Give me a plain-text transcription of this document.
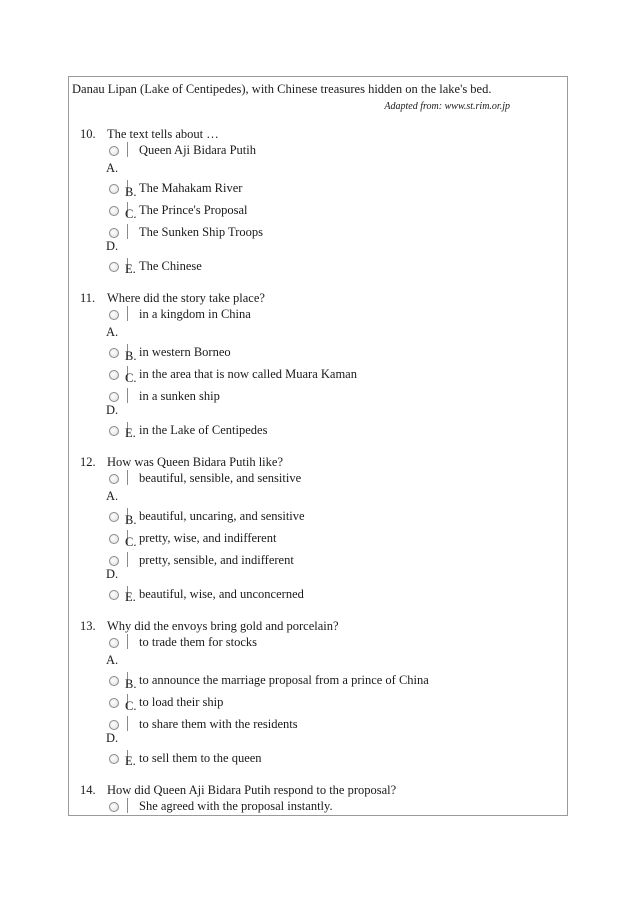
Danau Lipan (Lake of Centipedes), with Chinese treasures hidden on the lake's bed.
Adapted from: www.st.rim.or.jp
10. The text tells about …
Queen Aji Bidara Putih
The Mahakam River
The Prince's Proposal
The Sunken Ship Troops
The Chinese
A.
B.
C.
D.
E.
11. Where did the story take place?
in a kingdom in China
in western Borneo
in the area that is now called Muara Kaman
in a sunken ship
in the Lake of Centipedes
A.
B.
C.
D.
E.
12. How was Queen Bidara Putih like?
beautiful, sensible, and sensitive
beautiful, uncaring, and sensitive
pretty, wise, and indifferent
pretty, sensible, and indifferent
beautiful, wise, and unconcerned
A.
B.
C.
D.
E.
13. Why did the envoys bring gold and porcelain?
to trade them for stocks
to announce the marriage proposal from a prince of China
to load their ship
to share them with the residents
to sell them to the queen
A.
B.
C.
D.
E.
14. How did Queen Aji Bidara Putih respond to the proposal?
She agreed with the proposal instantly.
